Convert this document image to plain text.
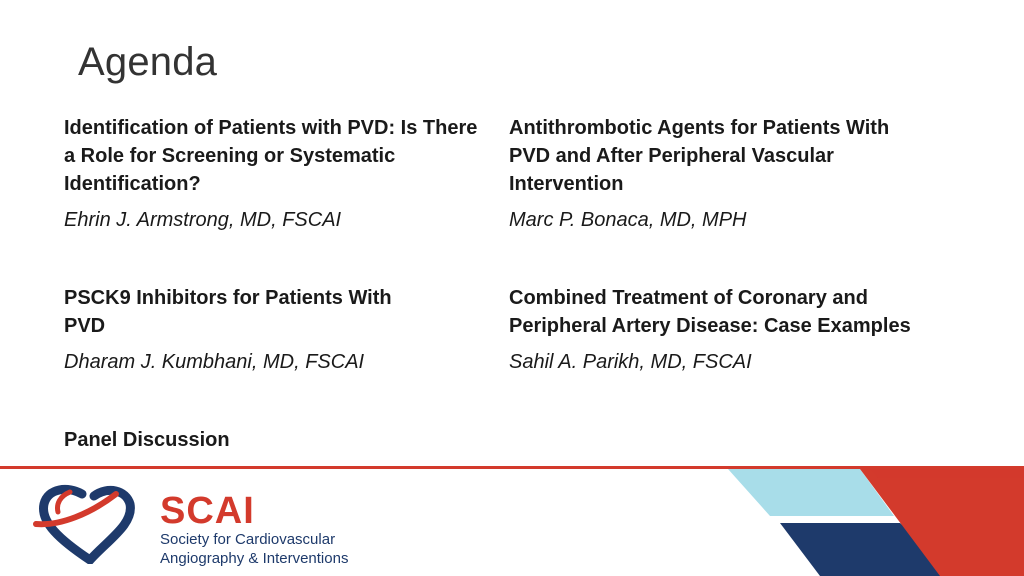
Agenda
Identification of Patients with PVD: Is There a Role for Screening or Systematic Identification?
Ehrin J. Armstrong, MD, FSCAI
Antithrombotic Agents for Patients With PVD and After Peripheral Vascular Intervention
Marc P. Bonaca, MD, MPH
PSCK9 Inhibitors for Patients With PVD
Dharam J. Kumbhani, MD, FSCAI
Combined Treatment of Coronary and Peripheral Artery Disease: Case Examples
Sahil A. Parikh, MD, FSCAI
Panel Discussion
SCAI
Society for Cardiovascular
Angiography & Interventions
